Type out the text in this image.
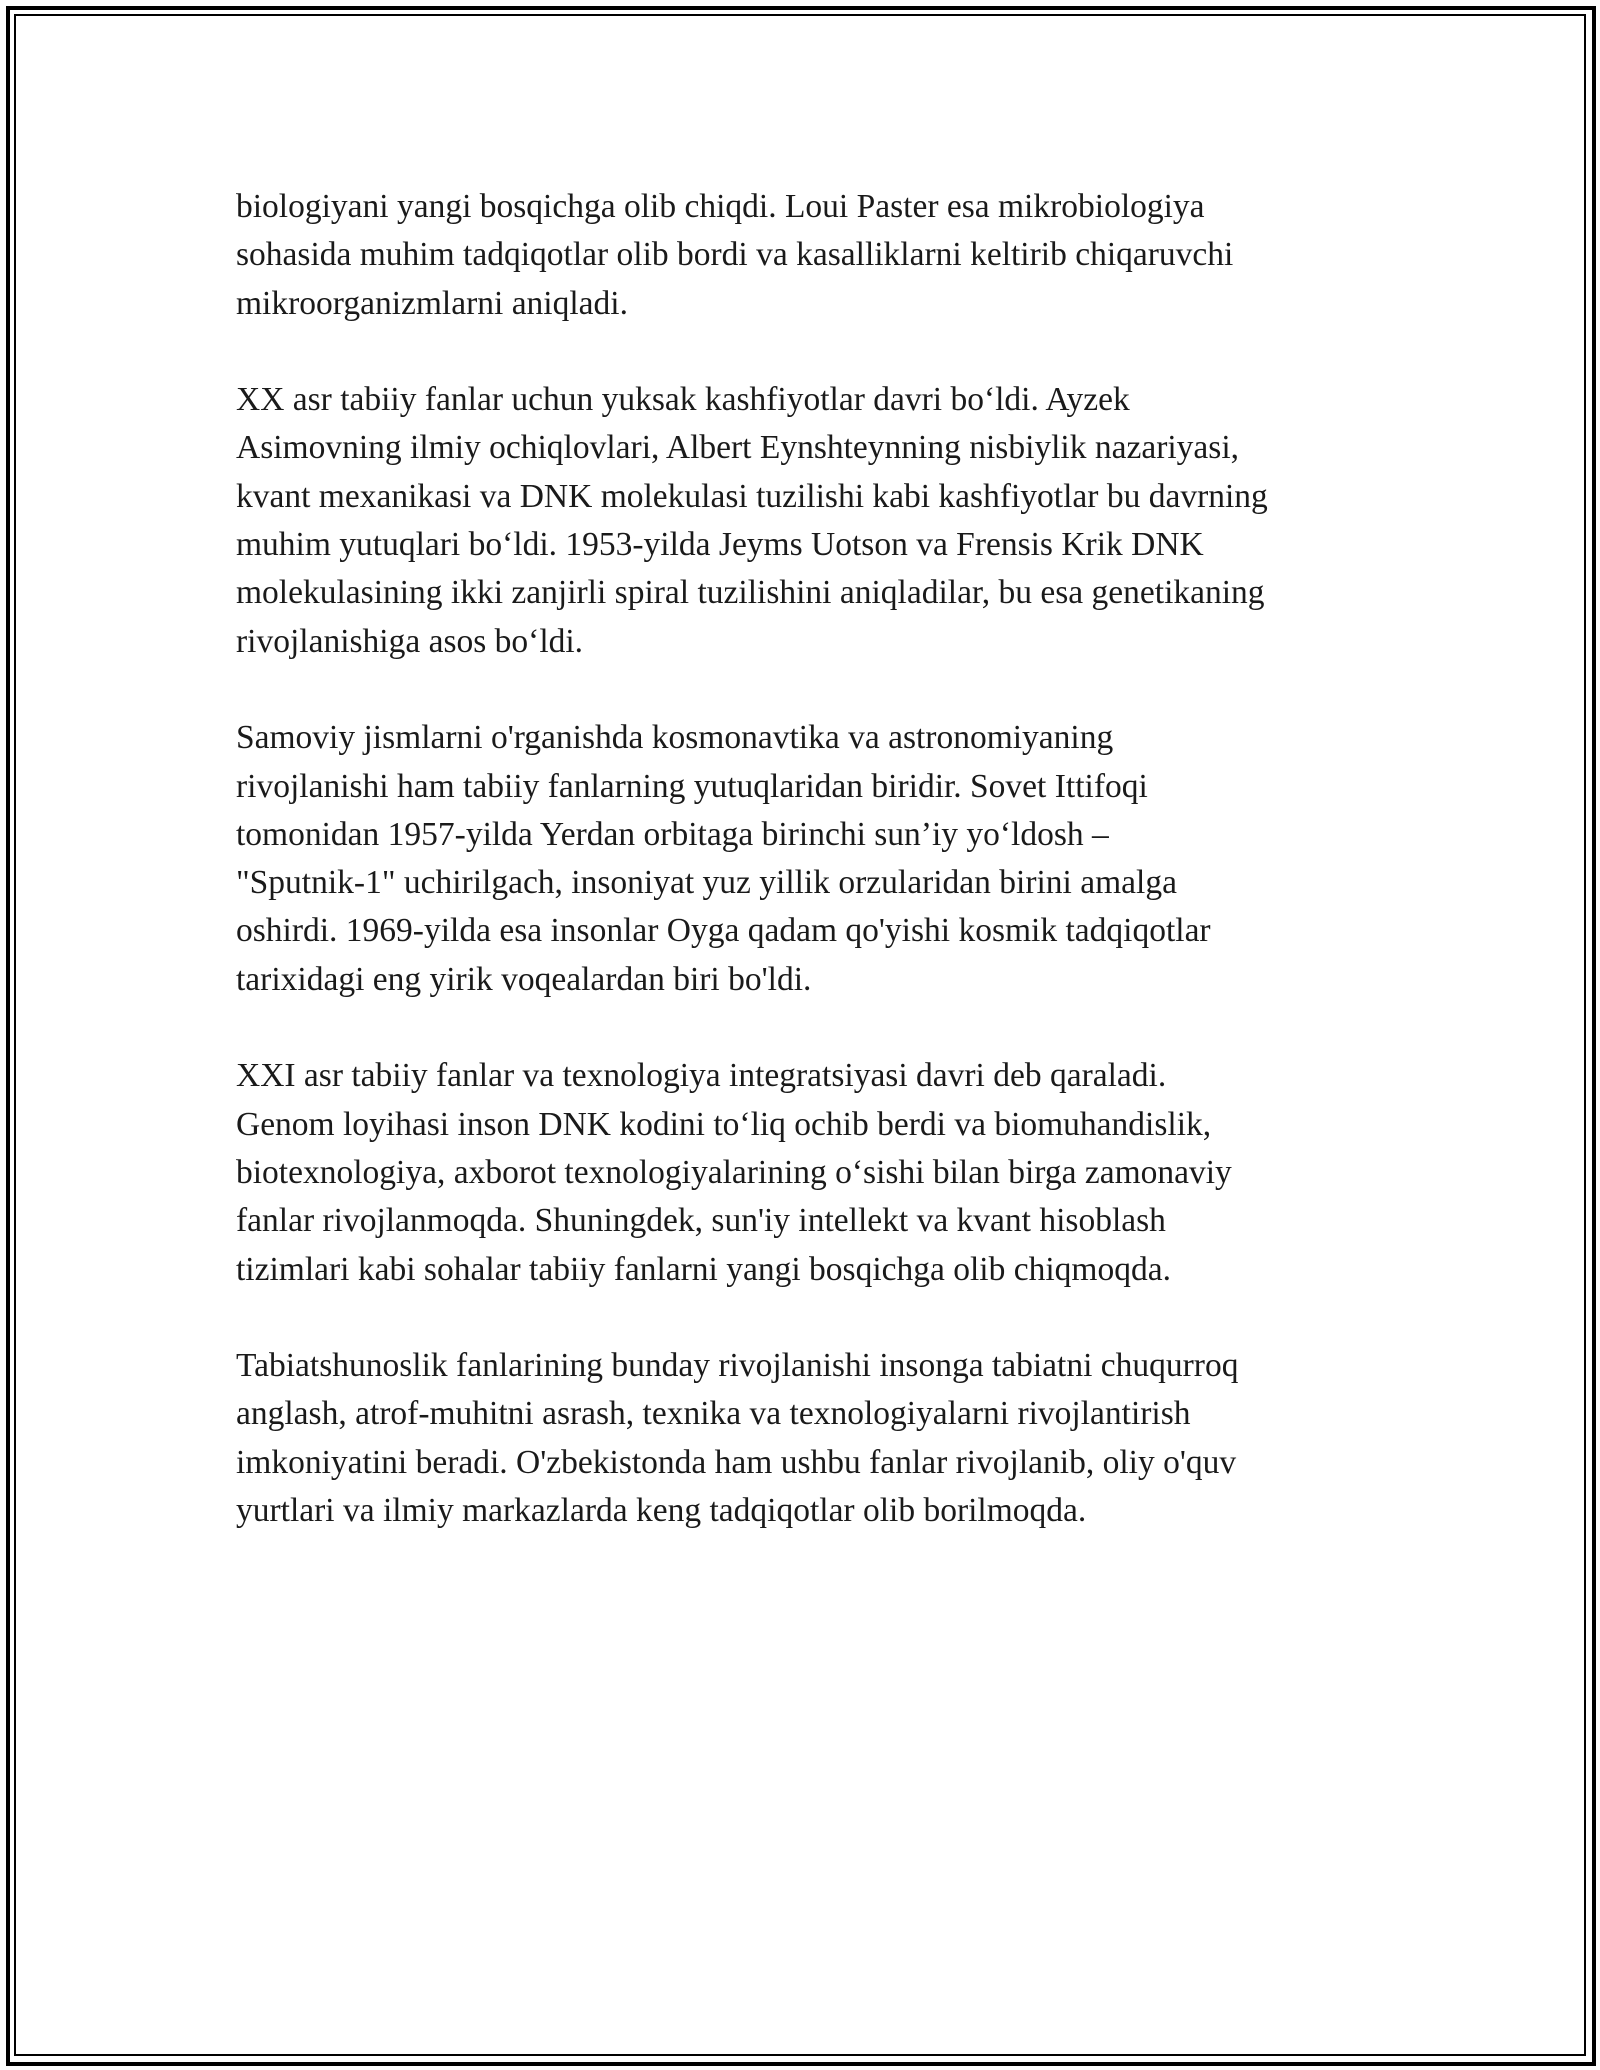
biologiyani yangi bosqichga olib chiqdi. Loui Paster esa mikrobiologiya
sohasida muhim tadqiqotlar olib bordi va kasalliklarni keltirib chiqaruvchi
mikroorganizmlarni aniqladi.

XX asr tabiiy fanlar uchun yuksak kashfiyotlar davri bo‘ldi. Ayzek
Asimovning ilmiy ochiqlovlari, Albert Eynshteynning nisbiylik nazariyasi,
kvant mexanikasi va DNK molekulasi tuzilishi kabi kashfiyotlar bu davrning
muhim yutuqlari bo‘ldi. 1953-yilda Jeyms Uotson va Frensis Krik DNK
molekulasining ikki zanjirli spiral tuzilishini aniqladilar, bu esa genetikaning
rivojlanishiga asos bo‘ldi.

Samoviy jismlarni o'rganishda kosmonavtika va astronomiyaning
rivojlanishi ham tabiiy fanlarning yutuqlaridan biridir. Sovet Ittifoqi
tomonidan 1957-yilda Yerdan orbitaga birinchi sun’iy yo‘ldosh –
"Sputnik-1" uchirilgach, insoniyat yuz yillik orzularidan birini amalga
oshirdi. 1969-yilda esa insonlar Oyga qadam qo'yishi kosmik tadqiqotlar
tarixidagi eng yirik voqealardan biri bo'ldi.

XXI asr tabiiy fanlar va texnologiya integratsiyasi davri deb qaraladi.
Genom loyihasi inson DNK kodini to‘liq ochib berdi va biomuhandislik,
biotexnologiya, axborot texnologiyalarining o‘sishi bilan birga zamonaviy
fanlar rivojlanmoqda. Shuningdek, sun'iy intellekt va kvant hisoblash
tizimlari kabi sohalar tabiiy fanlarni yangi bosqichga olib chiqmoqda.

Tabiatshunoslik fanlarining bunday rivojlanishi insonga tabiatni chuqurroq
anglash, atrof-muhitni asrash, texnika va texnologiyalarni rivojlantirish
imkoniyatini beradi. O'zbekistonda ham ushbu fanlar rivojlanib, oliy o'quv
yurtlari va ilmiy markazlarda keng tadqiqotlar olib borilmoqda.
